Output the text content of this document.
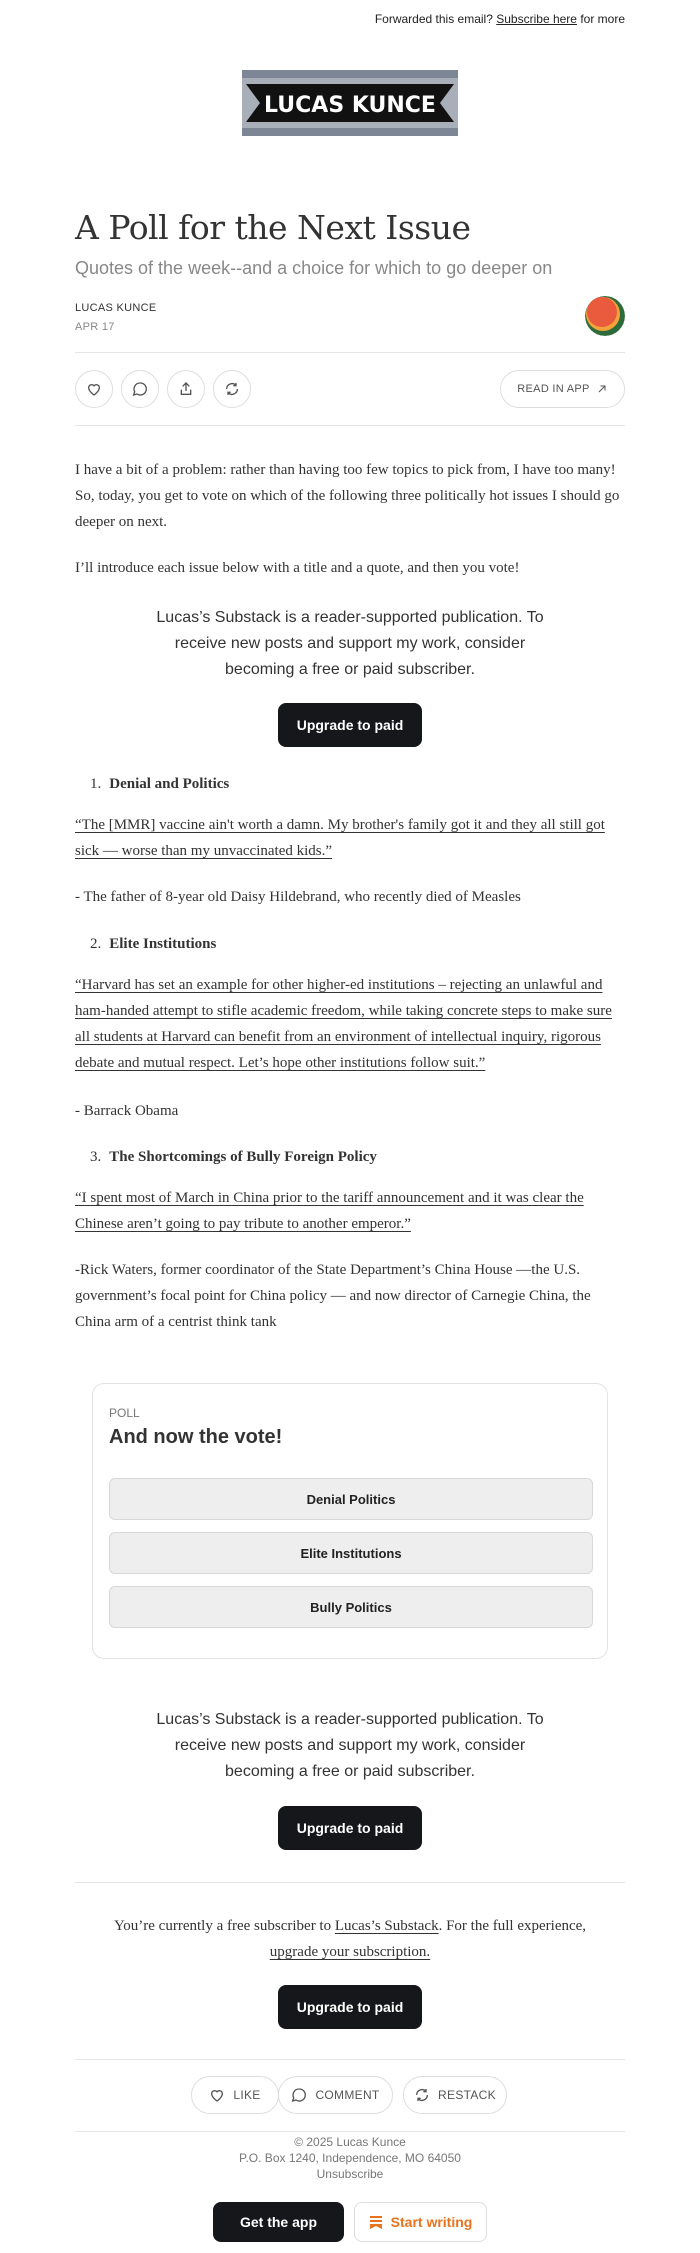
Forwarded this email? Subscribe here for more
LUCAS KUNCE
A Poll for the Next Issue
Quotes of the week--and a choice for which to go deeper on
LUCAS KUNCE
APR 17
READ IN APP

I have a bit of a problem: rather than having too few topics to pick from, I have too many! So, today, you get to vote on which of the following three politically hot issues I should go deeper on next.

I’ll introduce each issue below with a title and a quote, and then you vote!

Lucas’s Substack is a reader-supported publication. To receive new posts and support my work, consider becoming a free or paid subscriber.

Upgrade to paid
1. Denial and Politics

“The [MMR] vaccine ain't worth a damn. My brother's family got it and they all still got sick — worse than my unvaccinated kids.”

- The father of 8-year old Daisy Hildebrand, who recently died of Measles

2. Elite Institutions

“Harvard has set an example for other higher-ed institutions – rejecting an unlawful and ham-handed attempt to stifle academic freedom, while taking concrete steps to make sure all students at Harvard can benefit from an environment of intellectual inquiry, rigorous debate and mutual respect. Let’s hope other institutions follow suit.”

- Barrack Obama

3. The Shortcomings of Bully Foreign Policy

“I spent most of March in China prior to the tariff announcement and it was clear the Chinese aren’t going to pay tribute to another emperor.”

-Rick Waters, former coordinator of the State Department’s China House —the U.S. government’s focal point for China policy — and now director of Carnegie China, the China arm of a centrist think tank

POLL
And now the vote!
Denial Politics
Elite Institutions
Bully Politics

Lucas’s Substack is a reader-supported publication. To receive new posts and support my work, consider becoming a free or paid subscriber.

Upgrade to paid

You’re currently a free subscriber to Lucas’s Substack. For the full experience, upgrade your subscription.

Upgrade to paid
LIKE	COMMENT	RESTACK
© 2025 Lucas Kunce
P.O. Box 1240, Independence, MO 64050
Unsubscribe
Get the app	Start writing
